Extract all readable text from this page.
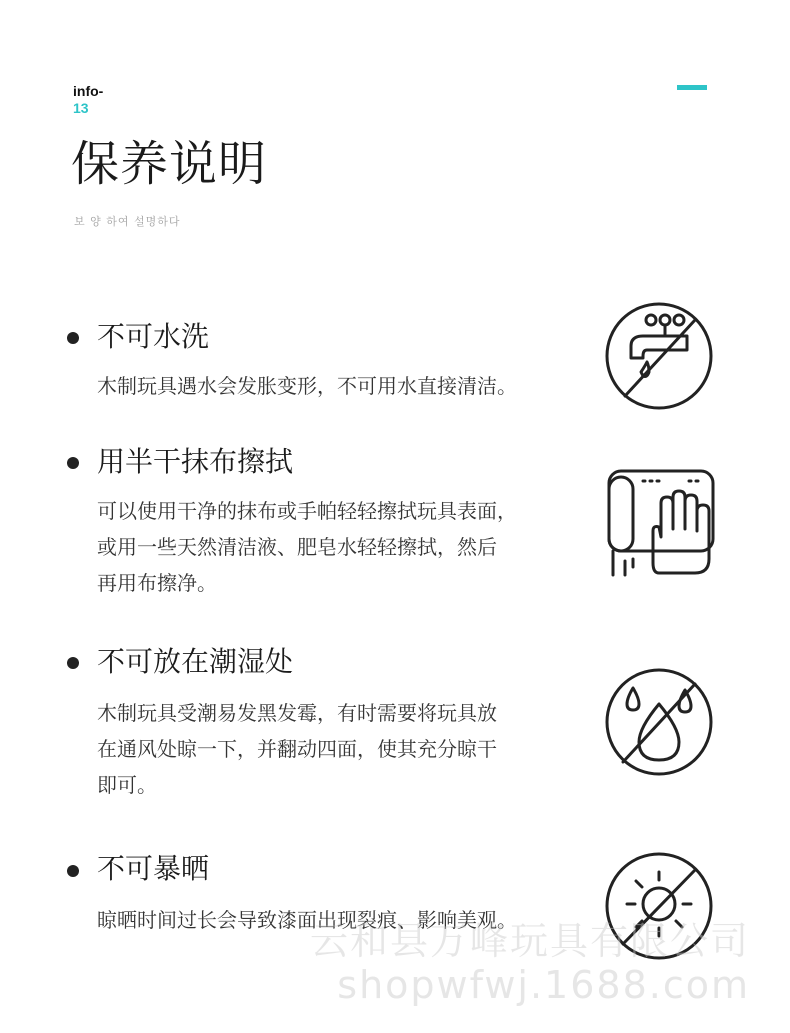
info-
13
保养说明
보 양 하여 설명하다
不可水洗
木制玩具遇水会发胀变形，不可用水直接清洁。
用半干抹布擦拭
可以使用干净的抹布或手帕轻轻擦拭玩具表面，
或用一些天然清洁液、肥皂水轻轻擦拭，然后
再用布擦净。
不可放在潮湿处
木制玩具受潮易发黑发霉，有时需要将玩具放
在通风处晾一下，并翻动四面，使其充分晾干
即可。
不可暴晒
晾晒时间过长会导致漆面出现裂痕、影响美观。
云和县万峰玩具有限公司
shopwfwj.1688.com
